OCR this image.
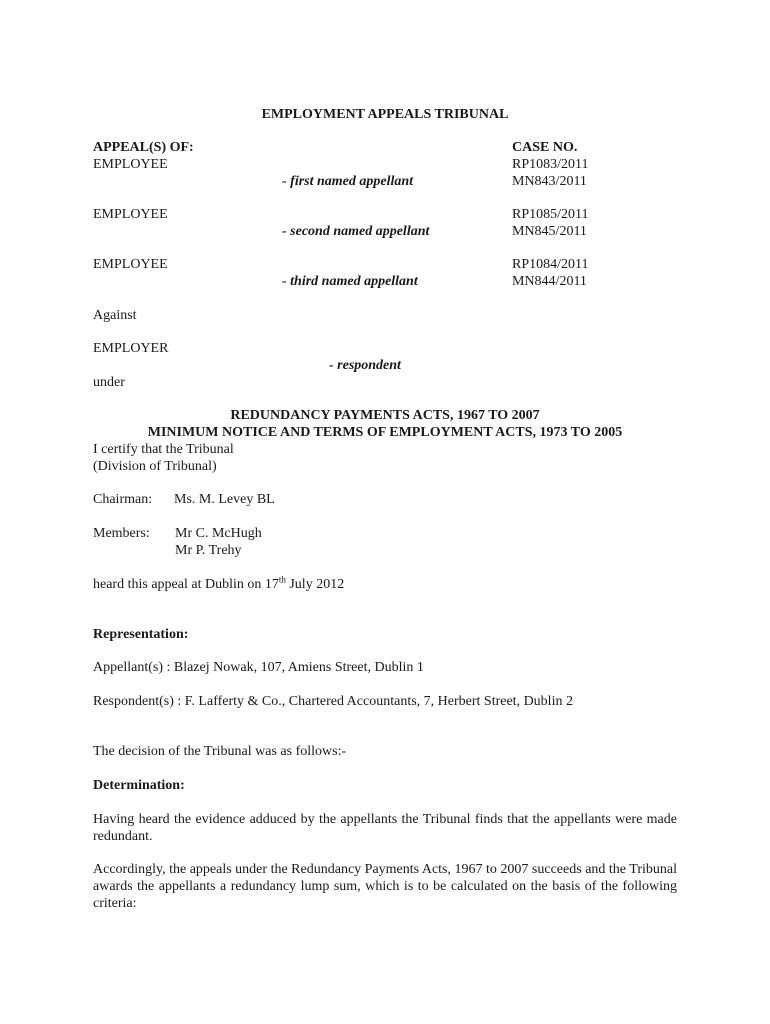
EMPLOYMENT APPEALS TRIBUNAL

APPEAL(S) OF:	CASE NO.

EMPLOYEE	RP1083/2011

- first named appellant	MN843/2011

EMPLOYEE	RP1085/2011

- second named appellant	MN845/2011

EMPLOYEE	RP1084/2011

- third named appellant	MN844/2011

Against

EMPLOYER

- respondent

under

REDUNDANCY PAYMENTS ACTS, 1967 TO 2007

MINIMUM NOTICE AND TERMS OF EMPLOYMENT ACTS, 1973 TO 2005

I certify that the Tribunal

(Division of Tribunal)

Chairman: Ms. M. Levey BL

Members: Mr C. McHugh

Mr P. Trehy

heard this appeal at Dublin on 17th July 2012

Representation:

Appellant(s) : Blazej Nowak, 107, Amiens Street, Dublin 1

Respondent(s) : F. Lafferty & Co., Chartered Accountants, 7, Herbert Street, Dublin 2

The decision of the Tribunal was as follows:-

Determination:

Having heard the evidence adduced by the appellants the Tribunal finds that the appellants were made redundant.

Accordingly, the appeals under the Redundancy Payments Acts, 1967 to 2007 succeeds and the Tribunal awards the appellants a redundancy lump sum, which is to be calculated on the basis of the following criteria:
